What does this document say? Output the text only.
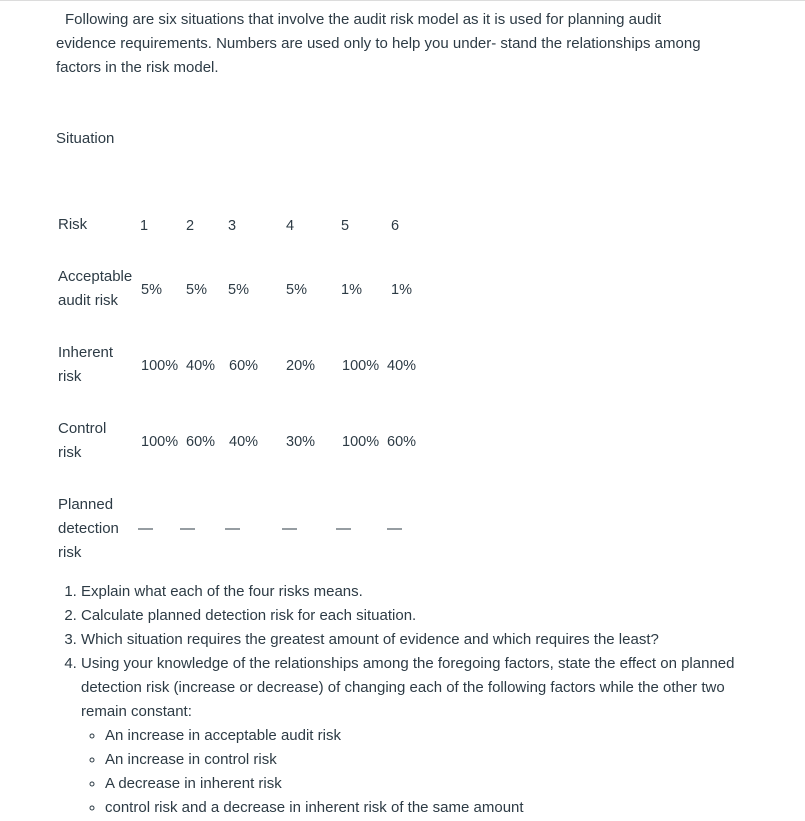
Following are six situations that involve the audit risk model as it is used for planning audit evidence requirements. Numbers are used only to help you under- stand the relationships among factors in the risk model.

Situation
Risk	1	2 3	4	5	6
Acceptable audit risk
5% 5% 5%	5% 1% 1%
Inherent risk
100% 40% 60% 20% 100% 40%
Control risk
100% 60% 40% 30% 100% 60%
Planned detection risk
— — —	—	— —
1. Explain what each of the four risks means.
2. Calculate planned detection risk for each situation.
3. Which situation requires the greatest amount of evidence and which requires the least?
4. Using your knowledge of the relationships among the foregoing factors, state the effect on planned detection risk (increase or decrease) of changing each of the following factors while the other two remain constant:
◦ An increase in acceptable audit risk
◦ An increase in control risk
◦ A decrease in inherent risk
◦ control risk and a decrease in inherent risk of the same amount
